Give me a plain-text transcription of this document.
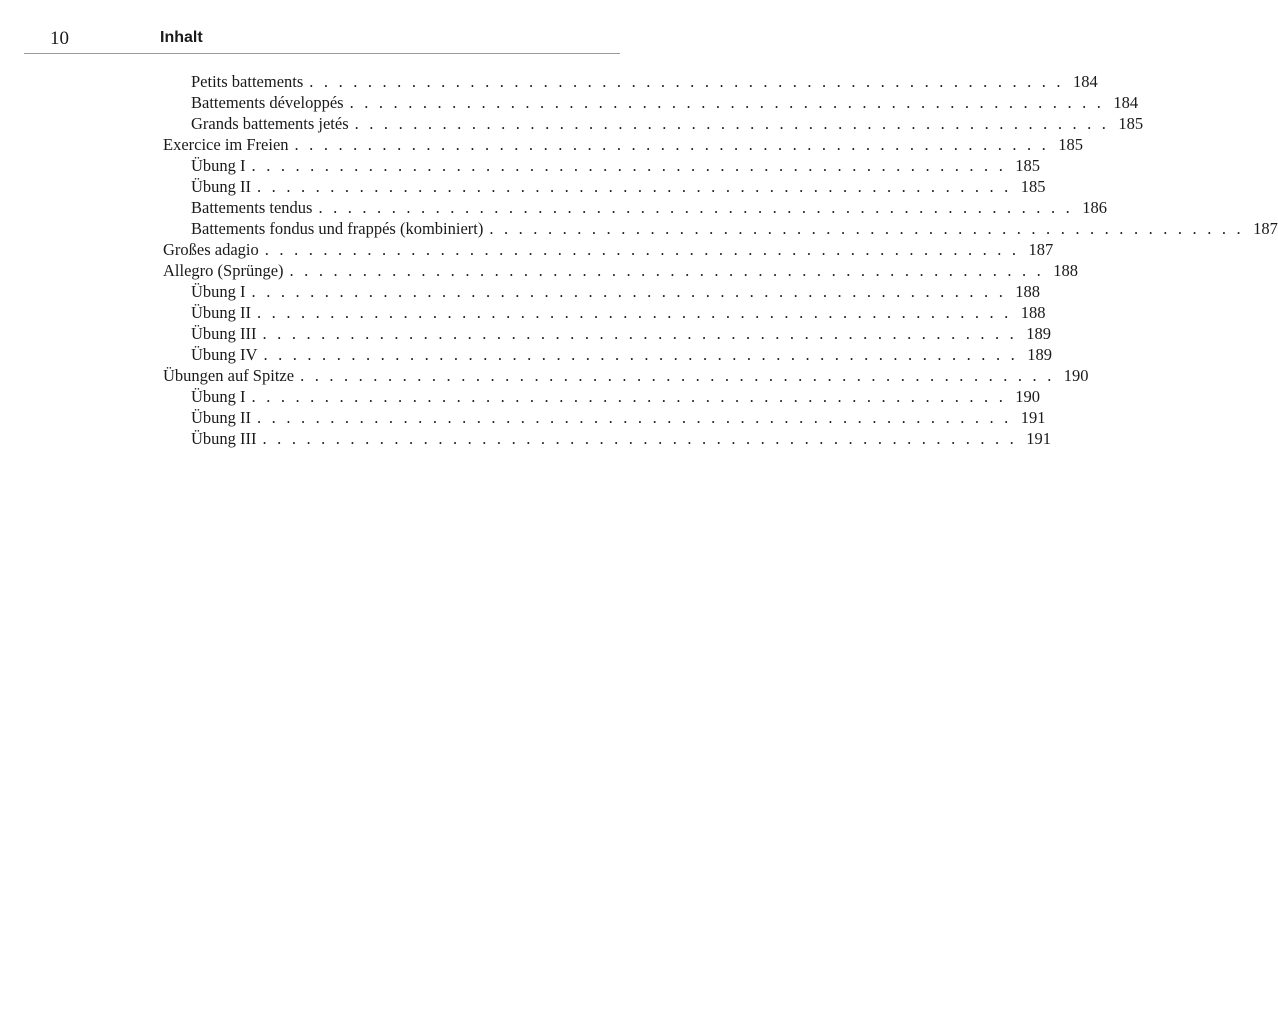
10	Inhalt
Petits battements . . . . . . . . . . . . . . . . . . . . . . . . . . . . . . . . . . . . . . . . . . . . . . . . . . . . 184
Battements développés . . . . . . . . . . . . . . . . . . . . . . . . . . . . . . . . . . . . . . . . . . . . . . . . . . . . 184
Grands battements jetés . . . . . . . . . . . . . . . . . . . . . . . . . . . . . . . . . . . . . . . . . . . . . . . . . . . . 185
Exercice im Freien . . . . . . . . . . . . . . . . . . . . . . . . . . . . . . . . . . . . . . . . . . . . . . . . . . . . 185
Übung I . . . . . . . . . . . . . . . . . . . . . . . . . . . . . . . . . . . . . . . . . . . . . . . . . . . . 185
Übung II . . . . . . . . . . . . . . . . . . . . . . . . . . . . . . . . . . . . . . . . . . . . . . . . . . . . 185
Battements tendus . . . . . . . . . . . . . . . . . . . . . . . . . . . . . . . . . . . . . . . . . . . . . . . . . . . . 186
Battements fondus und frappés (kombiniert) . . . . . . . . . . . . . . . . . . . . . . . . . . . . . . . . . . . . . . . . . . . . . . . . . . . . 187
Großes adagio . . . . . . . . . . . . . . . . . . . . . . . . . . . . . . . . . . . . . . . . . . . . . . . . . . . . 187
Allegro (Sprünge) . . . . . . . . . . . . . . . . . . . . . . . . . . . . . . . . . . . . . . . . . . . . . . . . . . . . 188
Übung I . . . . . . . . . . . . . . . . . . . . . . . . . . . . . . . . . . . . . . . . . . . . . . . . . . . . 188
Übung II . . . . . . . . . . . . . . . . . . . . . . . . . . . . . . . . . . . . . . . . . . . . . . . . . . . . 188
Übung III . . . . . . . . . . . . . . . . . . . . . . . . . . . . . . . . . . . . . . . . . . . . . . . . . . . . 189
Übung IV . . . . . . . . . . . . . . . . . . . . . . . . . . . . . . . . . . . . . . . . . . . . . . . . . . . . 189
Übungen auf Spitze . . . . . . . . . . . . . . . . . . . . . . . . . . . . . . . . . . . . . . . . . . . . . . . . . . . . 190
Übung I . . . . . . . . . . . . . . . . . . . . . . . . . . . . . . . . . . . . . . . . . . . . . . . . . . . . 190
Übung II . . . . . . . . . . . . . . . . . . . . . . . . . . . . . . . . . . . . . . . . . . . . . . . . . . . . 191
Übung III . . . . . . . . . . . . . . . . . . . . . . . . . . . . . . . . . . . . . . . . . . . . . . . . . . . . 191
